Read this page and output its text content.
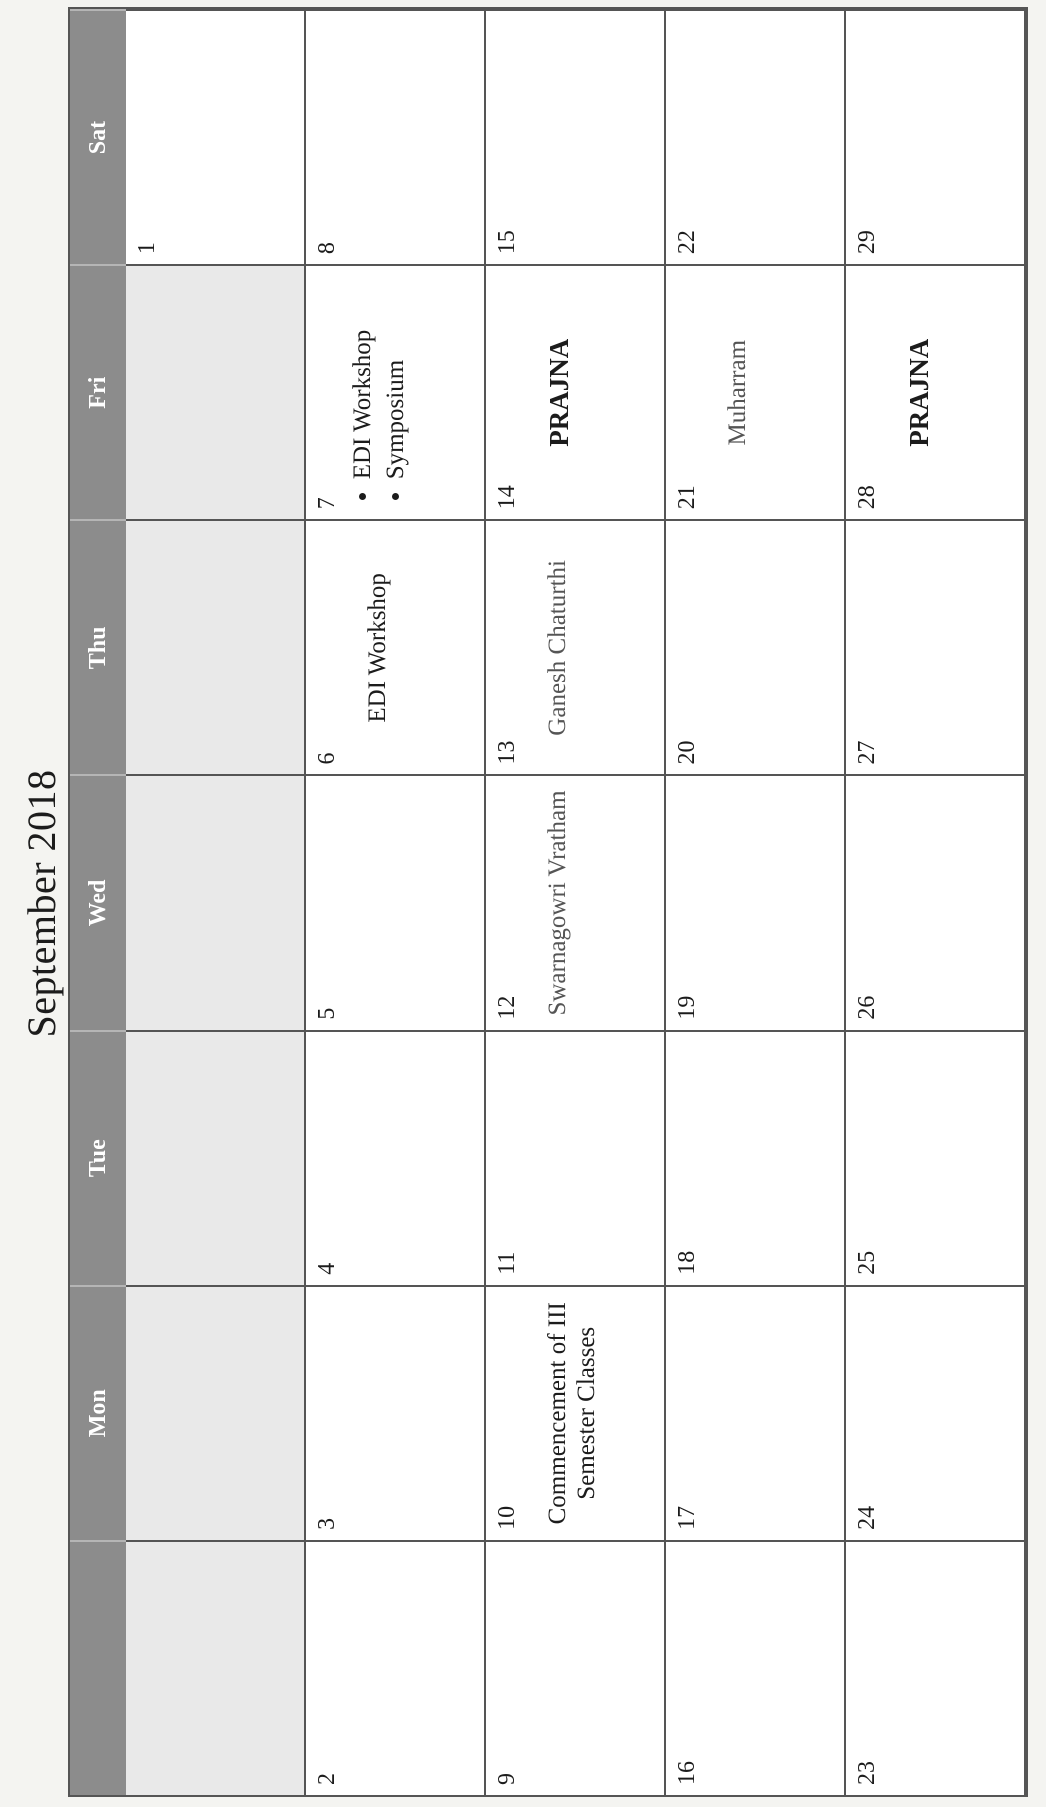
September 2018
Mon
Tue
Wed
Thu
Fri
Sat
1
2
3
4
5
6
EDI Workshop
7
• EDI Workshop • Symposium
8
9
10 Commencement of III Semester Classes
11
12 Swarnagowri Vratham
13
Ganesh Chaturthi
14
PRAJNA
15
16
17
18
19
20
21
Muharram
22
23
24
25
26
27
28
PRAJNA
29
